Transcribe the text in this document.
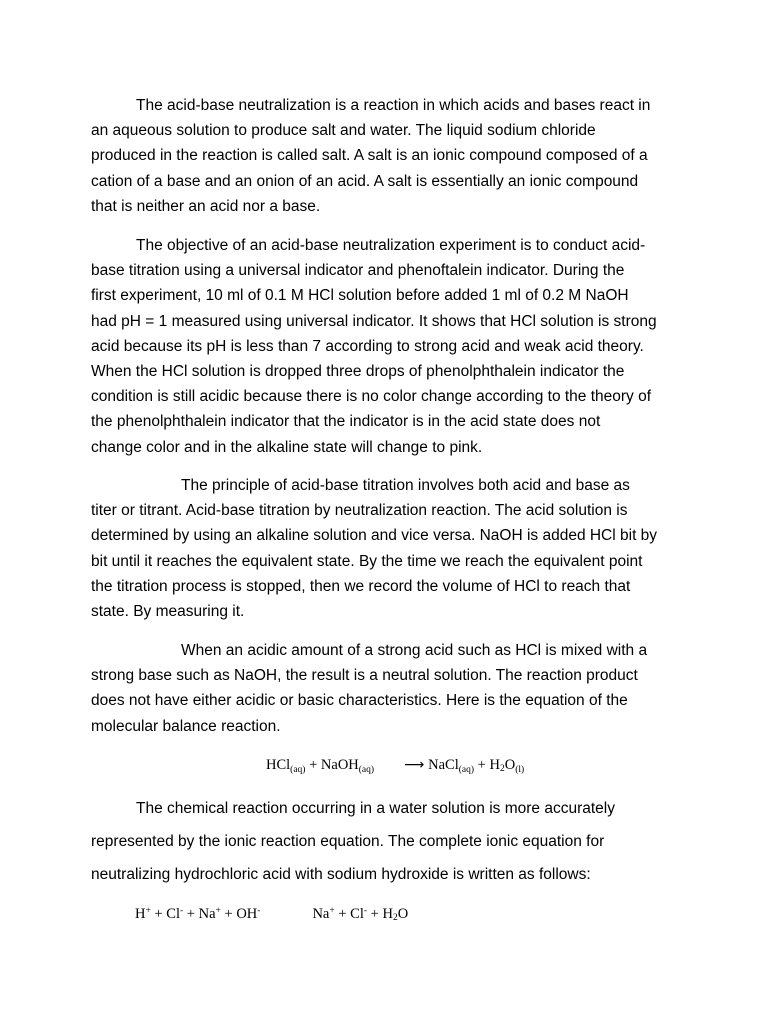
The acid-base neutralization is a reaction in which acids and bases react in
an aqueous solution to produce salt and water. The liquid sodium chloride
produced in the reaction is called salt. A salt is an ionic compound composed of a
cation of a base and an onion of an acid. A salt is essentially an ionic compound
that is neither an acid nor a base.

The objective of an acid-base neutralization experiment is to conduct acid-
base titration using a universal indicator and phenoftalein indicator. During the
first experiment, 10 ml of 0.1 M HCl solution before added 1 ml of 0.2 M NaOH
had pH = 1 measured using universal indicator. It shows that HCl solution is strong
acid because its pH is less than 7 according to strong acid and weak acid theory.
When the HCl solution is dropped three drops of phenolphthalein indicator the
condition is still acidic because there is no color change according to the theory of
the phenolphthalein indicator that the indicator is in the acid state does not
change color and in the alkaline state will change to pink.

The principle of acid-base titration involves both acid and base as
titer or titrant. Acid-base titration by neutralization reaction. The acid solution is
determined by using an alkaline solution and vice versa. NaOH is added HCl bit by
bit until it reaches the equivalent state. By the time we reach the equivalent point
the titration process is stopped, then we record the volume of HCl to reach that
state. By measuring it.

When an acidic amount of a strong acid such as HCl is mixed with a
strong base such as NaOH, the result is a neutral solution. The reaction product
does not have either acidic or basic characteristics. Here is the equation of the
molecular balance reaction.

HCl$_{(aq)}$ + NaOH$_{(aq)}$ ⟶ NaCl$_{(aq)}$ + $H_2O_{(l)}$

The chemical reaction occurring in a water solution is more accurately
represented by the ionic reaction equation. The complete ionic equation for
neutralizing hydrochloric acid with sodium hydroxide is written as follows:

H+ + Cl- + Na+ + OH-	$Na^+ + Cl^- + H_2O$
